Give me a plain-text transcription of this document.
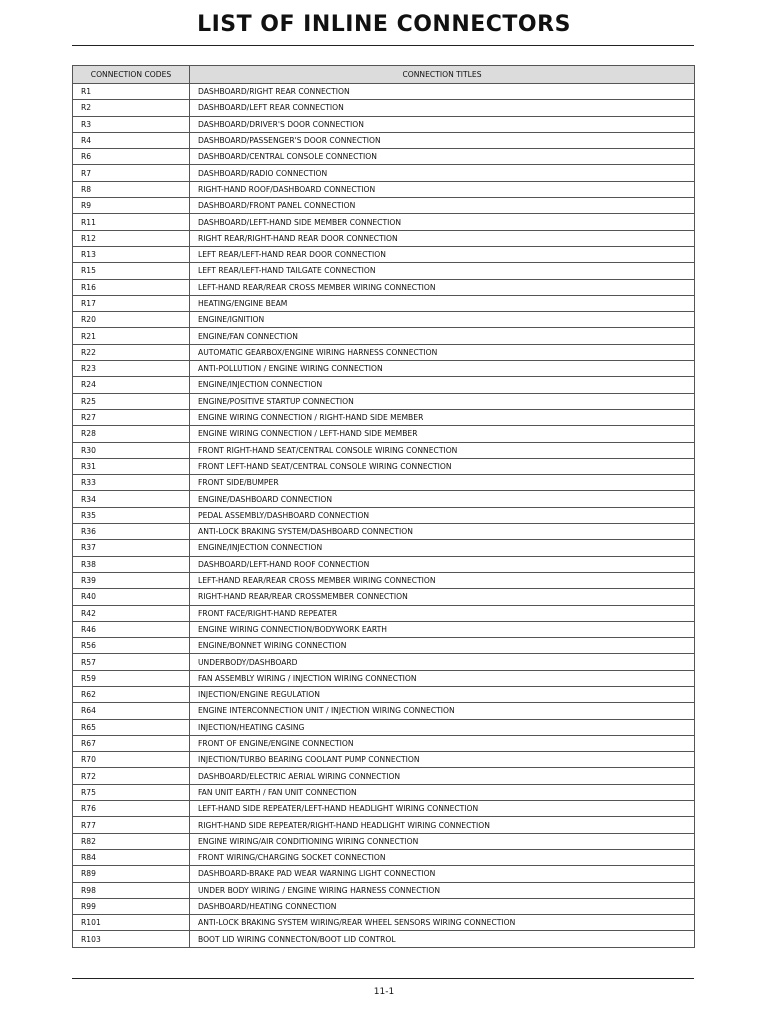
LIST OF INLINE CONNECTORS
CONNECTION CODES	CONNECTION TITLES
R1	DASHBOARD/RIGHT REAR CONNECTION
R2	DASHBOARD/LEFT REAR CONNECTION
R3	DASHBOARD/DRIVER'S DOOR CONNECTION
R4	DASHBOARD/PASSENGER'S DOOR CONNECTION
R6	DASHBOARD/CENTRAL CONSOLE CONNECTION
R7	DASHBOARD/RADIO CONNECTION
R8	RIGHT-HAND ROOF/DASHBOARD CONNECTION
R9	DASHBOARD/FRONT PANEL CONNECTION
R11	DASHBOARD/LEFT-HAND SIDE MEMBER CONNECTION
R12	RIGHT REAR/RIGHT-HAND REAR DOOR CONNECTION
R13	LEFT REAR/LEFT-HAND REAR DOOR CONNECTION
R15	LEFT REAR/LEFT-HAND TAILGATE CONNECTION
R16	LEFT-HAND REAR/REAR CROSS MEMBER WIRING CONNECTION
R17	HEATING/ENGINE BEAM
R20	ENGINE/IGNITION
R21	ENGINE/FAN CONNECTION
R22	AUTOMATIC GEARBOX/ENGINE WIRING HARNESS CONNECTION
R23	ANTI-POLLUTION / ENGINE WIRING CONNECTION
R24	ENGINE/INJECTION CONNECTION
R25	ENGINE/POSITIVE STARTUP CONNECTION
R27	ENGINE WIRING CONNECTION / RIGHT-HAND SIDE MEMBER
R28	ENGINE WIRING CONNECTION / LEFT-HAND SIDE MEMBER
R30	FRONT RIGHT-HAND SEAT/CENTRAL CONSOLE WIRING CONNECTION
R31	FRONT LEFT-HAND SEAT/CENTRAL CONSOLE WIRING CONNECTION
R33	FRONT SIDE/BUMPER
R34	ENGINE/DASHBOARD CONNECTION
R35	PEDAL ASSEMBLY/DASHBOARD CONNECTION
R36	ANTI-LOCK BRAKING SYSTEM/DASHBOARD CONNECTION
R37	ENGINE/INJECTION CONNECTION
R38	DASHBOARD/LEFT-HAND ROOF CONNECTION
R39	LEFT-HAND REAR/REAR CROSS MEMBER WIRING CONNECTION
R40	RIGHT-HAND REAR/REAR CROSSMEMBER CONNECTION
R42	FRONT FACE/RIGHT-HAND REPEATER
R46	ENGINE WIRING CONNECTION/BODYWORK EARTH
R56	ENGINE/BONNET WIRING CONNECTION
R57	UNDERBODY/DASHBOARD
R59	FAN ASSEMBLY WIRING / INJECTION WIRING CONNECTION
R62	INJECTION/ENGINE REGULATION
R64	ENGINE INTERCONNECTION UNIT / INJECTION WIRING CONNECTION
R65	INJECTION/HEATING CASING
R67	FRONT OF ENGINE/ENGINE CONNECTION
R70	INJECTION/TURBO BEARING COOLANT PUMP CONNECTION
R72	DASHBOARD/ELECTRIC AERIAL WIRING CONNECTION
R75	FAN UNIT EARTH / FAN UNIT CONNECTION
R76	LEFT-HAND SIDE REPEATER/LEFT-HAND HEADLIGHT WIRING CONNECTION
R77	RIGHT-HAND SIDE REPEATER/RIGHT-HAND HEADLIGHT WIRING CONNECTION
R82	ENGINE WIRING/AIR CONDITIONING WIRING CONNECTION
R84	FRONT WIRING/CHARGING SOCKET CONNECTION
R89	DASHBOARD-BRAKE PAD WEAR WARNING LIGHT CONNECTION
R98	UNDER BODY WIRING / ENGINE WIRING HARNESS CONNECTION
R99	DASHBOARD/HEATING CONNECTION
R101	ANTI-LOCK BRAKING SYSTEM WIRING/REAR WHEEL SENSORS WIRING CONNECTION
R103	BOOT LID WIRING CONNECTON/BOOT LID CONTROL
11-1
